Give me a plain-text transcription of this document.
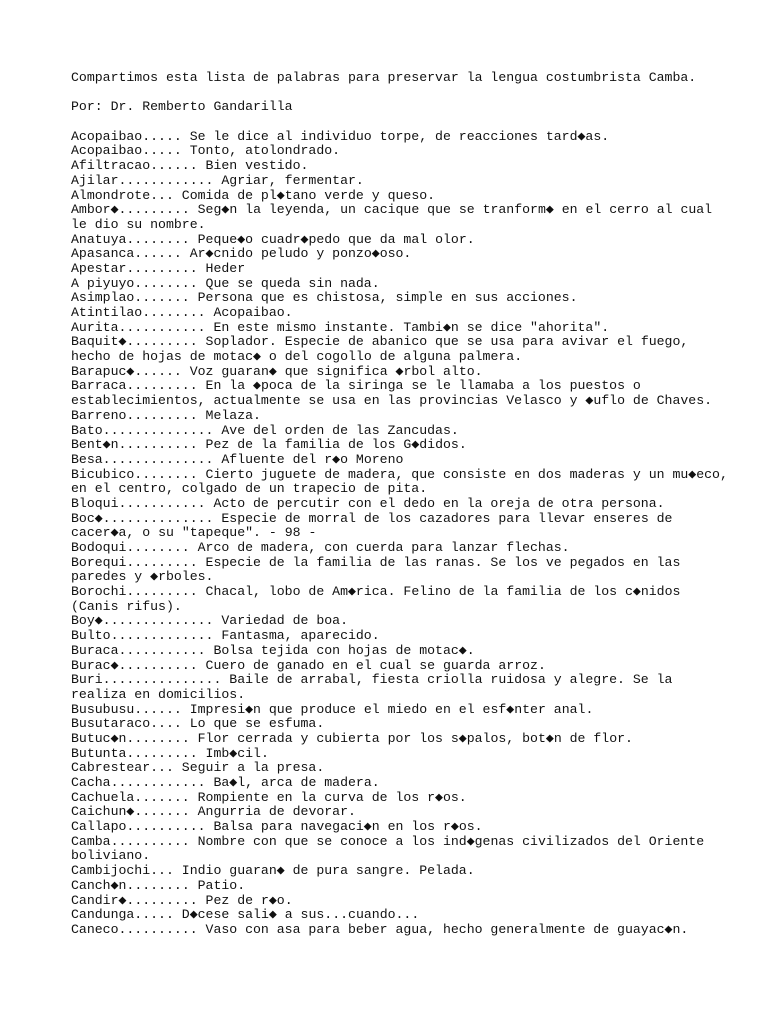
Compartimos esta lista de palabras para preservar la lengua costumbrista Camba.
Por: Dr. Remberto Gandarilla
Acopaibao..... Se le dice al individuo torpe, de reacciones tard◆as.
Acopaibao..... Tonto, atolondrado.
Afiltracao...... Bien vestido.
Ajilar............ Agriar, fermentar.
Almondrote... Comida de pl◆tano verde y queso.
Ambor◆......... Seg◆n la leyenda, un cacique que se tranform◆ en el cerro al cual
le dio su nombre.
Anatuya........ Peque◆o cuadr◆pedo que da mal olor.
Apasanca...... Ar◆cnido peludo y ponzo◆oso.
Apestar......... Heder
A piyuyo........ Que se queda sin nada.
Asimplao....... Persona que es chistosa, simple en sus acciones.
Atintilao........ Acopaibao.
Aurita........... En este mismo instante. Tambi◆n se dice "ahorita".
Baquit◆......... Soplador. Especie de abanico que se usa para avivar el fuego,
hecho de hojas de motac◆ o del cogollo de alguna palmera.
Barapuc◆...... Voz guaran◆ que significa ◆rbol alto.
Barraca......... En la ◆poca de la siringa se le llamaba a los puestos o
establecimientos, actualmente se usa en las provincias Velasco y ◆uflo de Chaves.
Barreno......... Melaza.
Bato.............. Ave del orden de las Zancudas.
Bent◆n.......... Pez de la familia de los G◆didos.
Besa.............. Afluente del r◆o Moreno
Bicubico........ Cierto juguete de madera, que consiste en dos maderas y un mu◆eco,
en el centro, colgado de un trapecio de pita.
Bloqui........... Acto de percutir con el dedo en la oreja de otra persona.
Boc◆.............. Especie de morral de los cazadores para llevar enseres de
cacer◆a, o su "tapeque". - 98 -
Bodoqui........ Arco de madera, con cuerda para lanzar flechas.
Borequi......... Especie de la familia de las ranas. Se los ve pegados en las
paredes y ◆rboles.
Borochi......... Chacal, lobo de Am◆rica. Felino de la familia de los c◆nidos
(Canis rifus).
Boy◆.............. Variedad de boa.
Bulto............. Fantasma, aparecido.
Buraca........... Bolsa tejida con hojas de motac◆.
Burac◆.......... Cuero de ganado en el cual se guarda arroz.
Buri............... Baile de arrabal, fiesta criolla ruidosa y alegre. Se la
realiza en domicilios.
Busubusu...... Impresi◆n que produce el miedo en el esf◆nter anal.
Busutaraco.... Lo que se esfuma.
Butuc◆n........ Flor cerrada y cubierta por los s◆palos, bot◆n de flor.
Butunta......... Imb◆cil.
Cabrestear... Seguir a la presa.
Cacha............ Ba◆l, arca de madera.
Cachuela....... Rompiente en la curva de los r◆os.
Caichun◆....... Angurria de devorar.
Callapo.......... Balsa para navegaci◆n en los r◆os.
Camba.......... Nombre con que se conoce a los ind◆genas civilizados del Oriente
boliviano.
Cambijochi... Indio guaran◆ de pura sangre. Pelada.
Canch◆n........ Patio.
Candir◆......... Pez de r◆o.
Candunga..... D◆cese sali◆ a sus...cuando...
Caneco.......... Vaso con asa para beber agua, hecho generalmente de guayac◆n.
